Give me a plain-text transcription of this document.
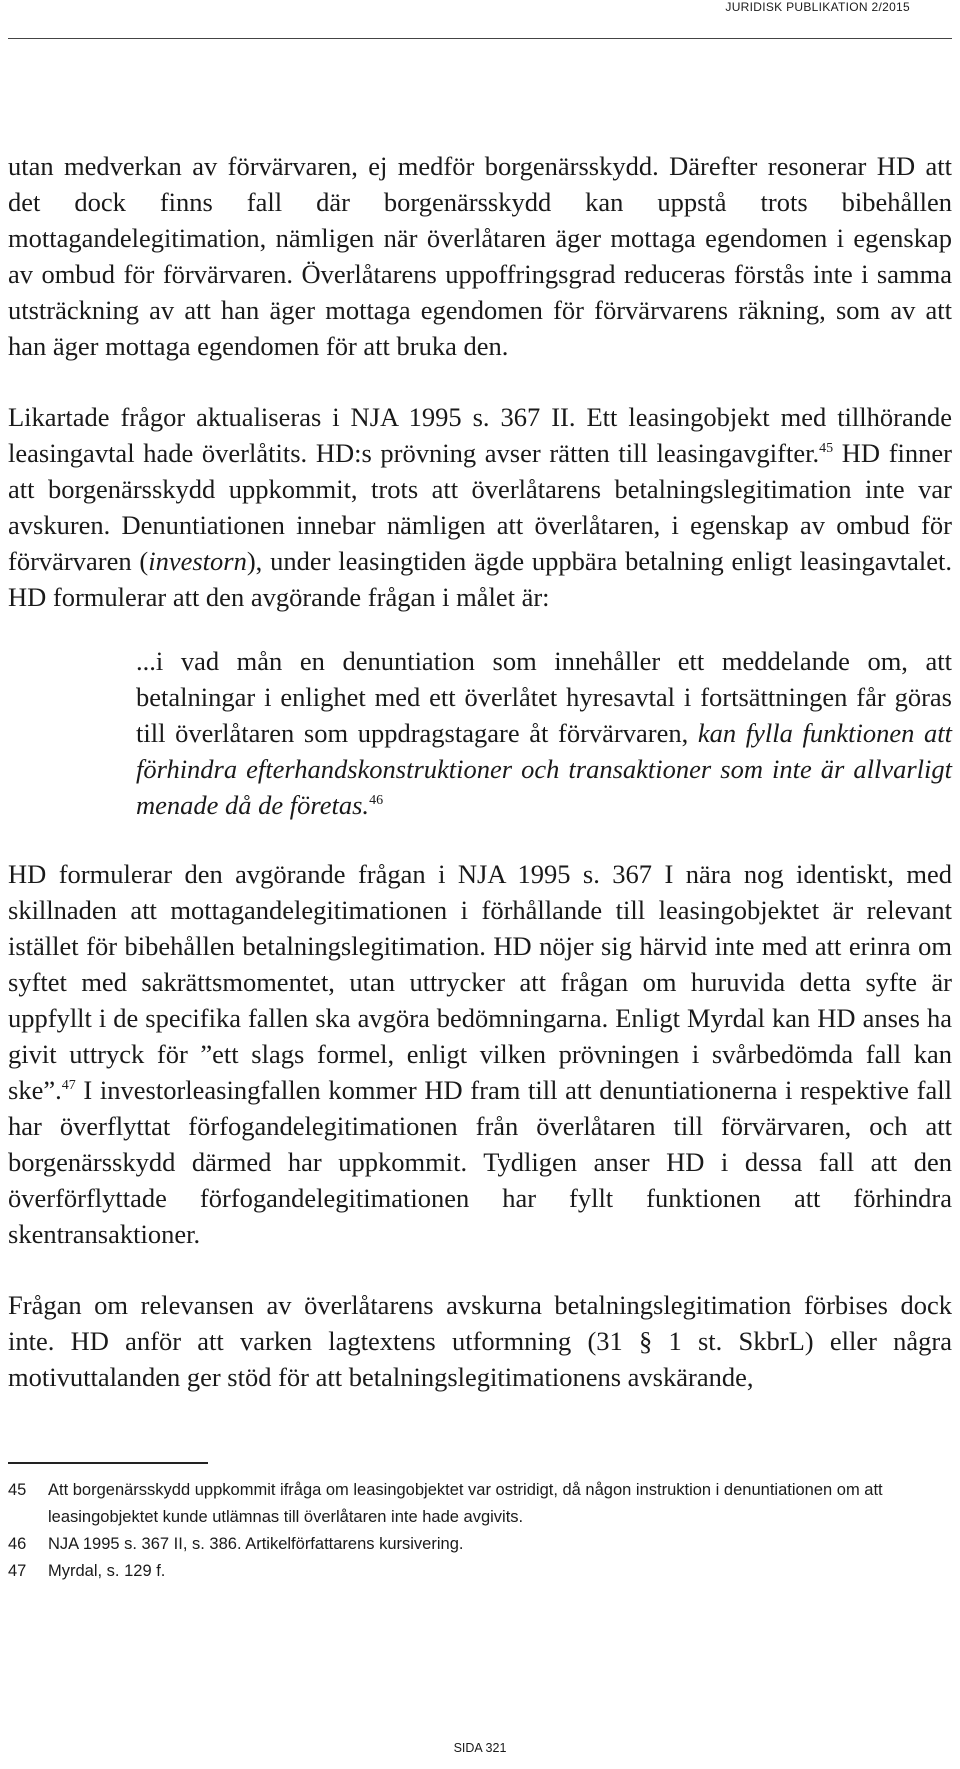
JURIDISK PUBLIKATION 2/2015

utan medverkan av förvärvaren, ej medför borgenärsskydd. Därefter resonerar HD att det dock finns fall där borgenärsskydd kan uppstå trots bibehållen mottagandelegitimation, nämligen när överlåtaren äger mottaga egendomen i egenskap av ombud för förvärvaren. Överlåtarens uppoffringsgrad reduceras förstås inte i samma utsträckning av att han äger mottaga egendomen för förvärvarens räkning, som av att han äger mottaga egendomen för att bruka den.

Likartade frågor aktualiseras i NJA 1995 s. 367 II. Ett leasingobjekt med tillhörande leasingavtal hade överlåtits. HD:s prövning avser rätten till leasingavgifter.$^{45}$ HD finner att borgenärsskydd uppkommit, trots att överlåtarens betalningslegitimation inte var avskuren. Denuntiationen innebar nämligen att överlåtaren, i egenskap av ombud för förvärvaren (investorn), under leasingtiden ägde uppbära betalning enligt leasingavtalet. HD formulerar att den avgörande frågan i målet är:

...i vad mån en denuntiation som innehåller ett meddelande om, att betalningar i enlighet med ett överlåtet hyresavtal i fortsättningen får göras till överlåtaren som uppdragstagare åt förvärvaren, kan fylla funktionen att förhindra efterhandskonstruktioner och transaktioner som inte är allvarligt menade då de företas.$^{46}$

HD formulerar den avgörande frågan i NJA 1995 s. 367 I nära nog identiskt, med skillnaden att mottagandelegitimationen i förhållande till leasingobjektet är relevant istället för bibehållen betalningslegitimation. HD nöjer sig härvid inte med att erinra om syftet med sakrättsmomentet, utan uttrycker att frågan om huruvida detta syfte är uppfyllt i de specifika fallen ska avgöra bedömningarna. Enligt Myrdal kan HD anses ha givit uttryck för ”ett slags formel, enligt vilken prövningen i svårbedömda fall kan ske”.$^{47}$ I investorleasingfallen kommer HD fram till att denuntiationerna i respektive fall har överflyttat förfogandelegitimationen från överlåtaren till förvärvaren, och att borgenärsskydd därmed har uppkommit. Tydligen anser HD i dessa fall att den överförflyttade förfogandelegitimationen har fyllt funktionen att förhindra skentransaktioner.

Frågan om relevansen av överlåtarens avskurna betalningslegitimation förbises dock inte. HD anför att varken lagtextens utformning (31 § 1 st. SkbrL) eller några motivuttalanden ger stöd för att betalningslegitimationens avskärande,

45	Att borgenärsskydd uppkommit ifråga om leasingobjektet var ostridigt, då någon instruktion i denuntiationen om att leasingobjektet kunde utlämnas till överlåtaren inte hade avgivits.
46	NJA 1995 s. 367 II, s. 386. Artikelförfattarens kursivering.
47	Myrdal, s. 129 f.
SIDA 321
